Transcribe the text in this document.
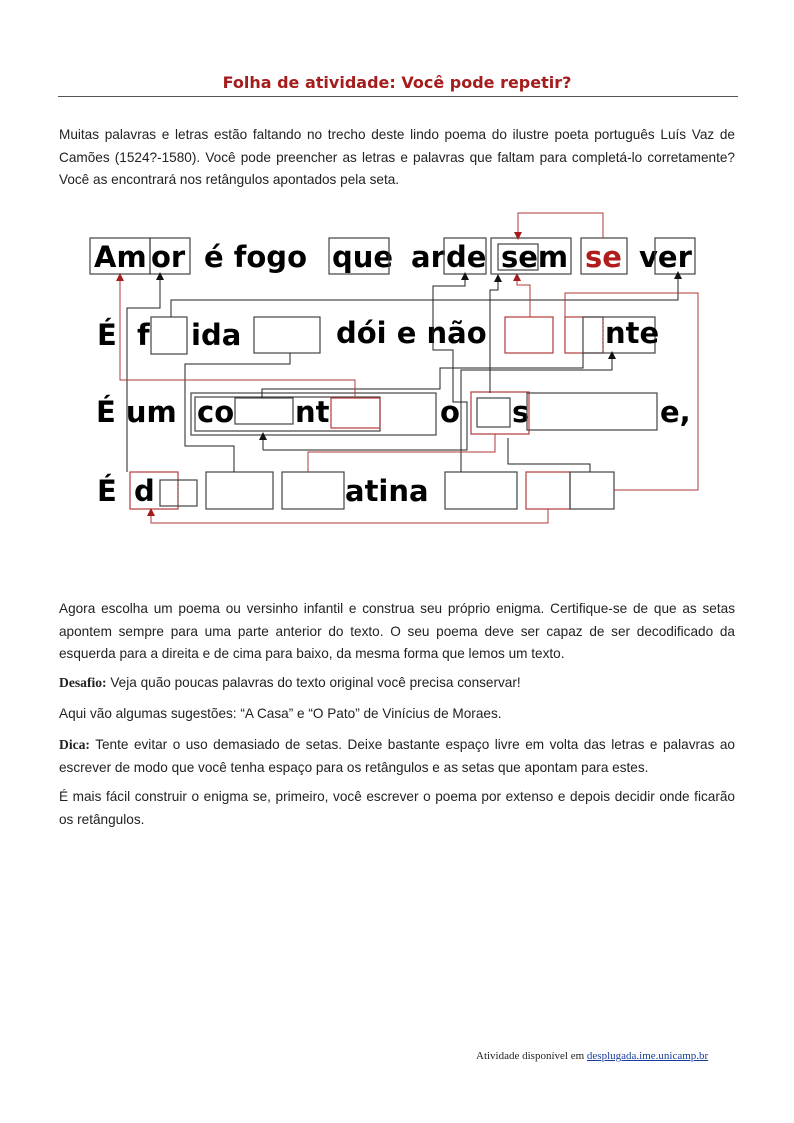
Folha de atividade: Você pode repetir?

Muitas palavras e letras estão faltando no trecho deste lindo poema do ilustre poeta português Luís Vaz de Camões (1524?-1580). Você pode preencher as letras e palavras que faltam para completá-lo corretamente? Você as encontrará nos retângulos apontados pela seta.

Am or é fogo que ar de sem se ver
É f ida	dói e não	nte
É um co nt	o s	e,
É d	atina

Agora escolha um poema ou versinho infantil e construa seu próprio enigma. Certifique-se de que as setas apontem sempre para uma parte anterior do texto. O seu poema deve ser capaz de ser decodificado da esquerda para a direita e de cima para baixo, da mesma forma que lemos um texto.

Desafio: Veja quão poucas palavras do texto original você precisa conservar!

Aqui vão algumas sugestões: “A Casa” e “O Pato” de Vinícius de Moraes.

Dica: Tente evitar o uso demasiado de setas. Deixe bastante espaço livre em volta das letras e palavras ao escrever de modo que você tenha espaço para os retângulos e as setas que apontam para estes.

É mais fácil construir o enigma se, primeiro, você escrever o poema por extenso e depois decidir onde ficarão os retângulos.

Atividade disponível em desplugada.ime.unicamp.br
